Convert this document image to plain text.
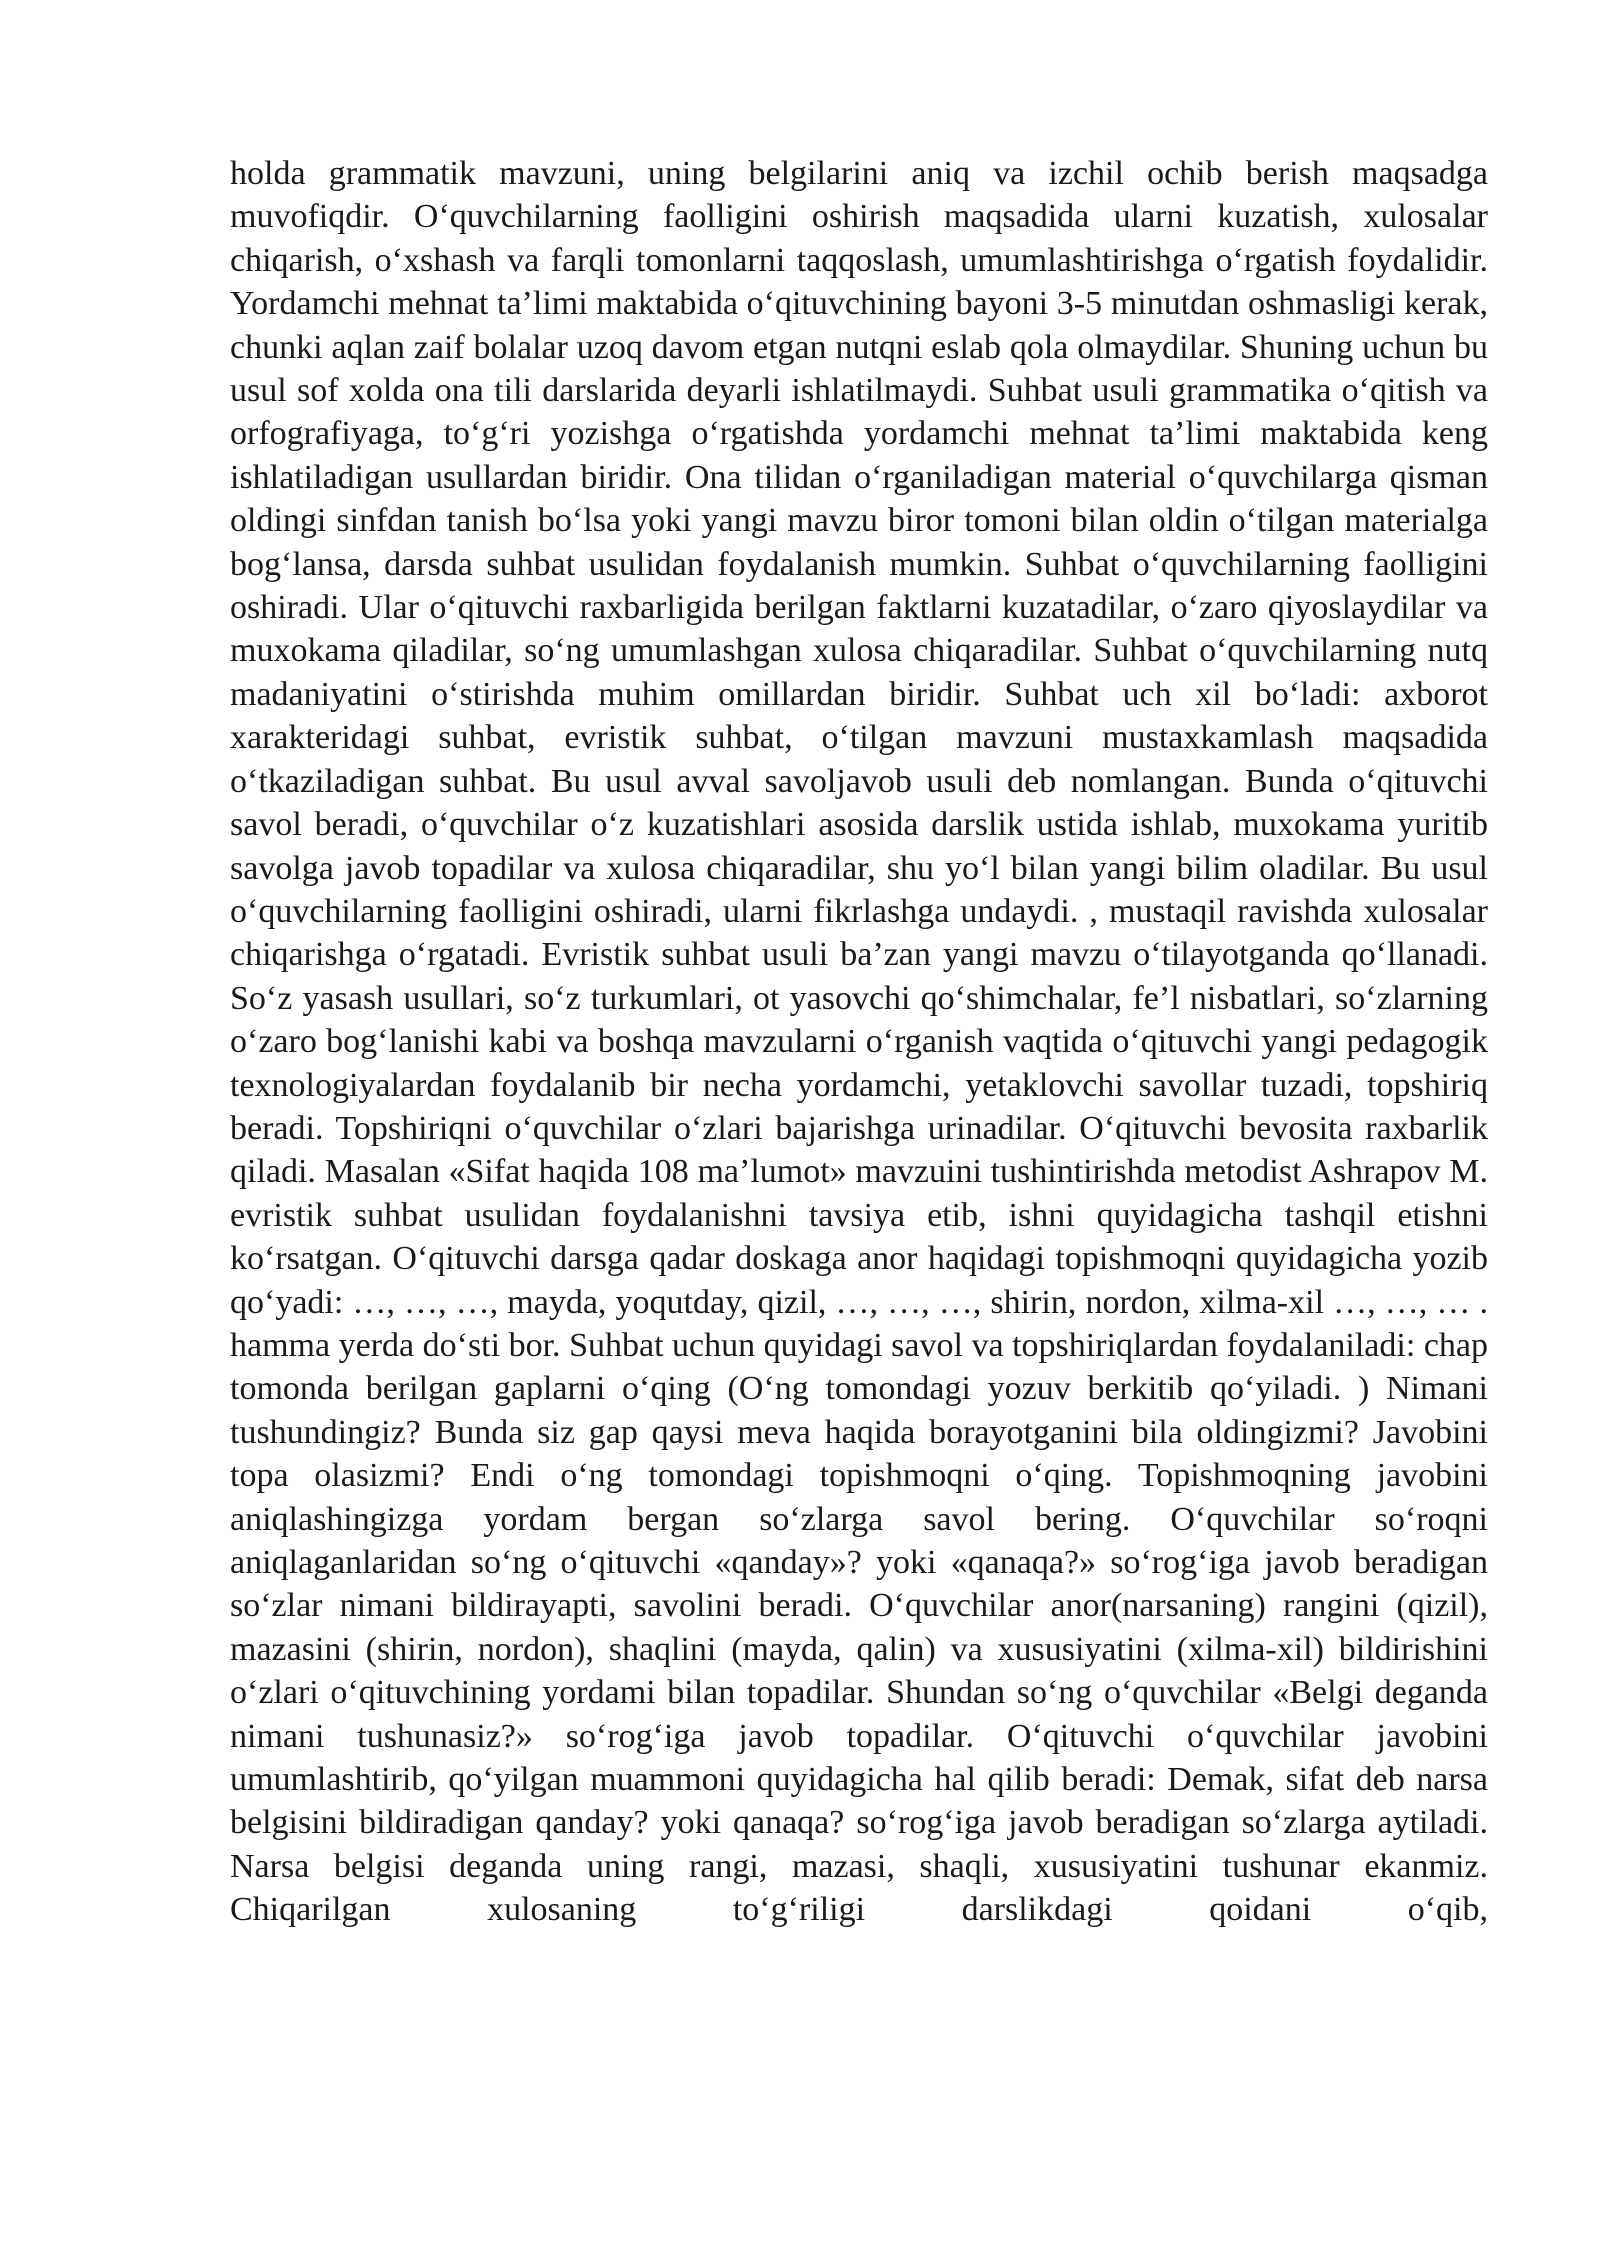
holda grammatik mavzuni, uning belgilarini aniq va izchil ochib berish maqsadga muvofiqdir. O‘quvchilarning faolligini oshirish maqsadida ularni kuzatish, xulosalar chiqarish, o‘xshash va farqli tomonlarni taqqoslash, umumlashtirishga o‘rgatish foydalidir. Yordamchi mehnat ta’limi maktabida o‘qituvchining bayoni 3-5 minutdan oshmasligi kerak, chunki aqlan zaif bolalar uzoq davom etgan nutqni eslab qola olmaydilar. Shuning uchun bu usul sof xolda ona tili darslarida deyarli ishlatilmaydi. Suhbat usuli grammatika o‘qitish va orfografiyaga, to‘g‘ri yozishga o‘rgatishda yordamchi mehnat ta’limi maktabida keng ishlatiladigan usullardan biridir. Ona tilidan o‘rganiladigan material o‘quvchilarga qisman oldingi sinfdan tanish bo‘lsa yoki yangi mavzu biror tomoni bilan oldin o‘tilgan materialga bog‘lansa, darsda suhbat usulidan foydalanish mumkin. Suhbat o‘quvchilarning faolligini oshiradi. Ular o‘qituvchi raxbarligida berilgan faktlarni kuzatadilar, o‘zaro qiyoslaydilar va muxokama qiladilar, so‘ng umumlashgan xulosa chiqaradilar. Suhbat o‘quvchilarning nutq madaniyatini o‘stirishda muhim omillardan biridir. Suhbat uch xil bo‘ladi: axborot xarakteridagi suhbat, evristik suhbat, o‘tilgan mavzuni mustaxkamlash maqsadida o‘tkaziladigan suhbat. Bu usul avval savoljavob usuli deb nomlangan. Bunda o‘qituvchi savol beradi, o‘quvchilar o‘z kuzatishlari asosida darslik ustida ishlab, muxokama yuritib savolga javob topadilar va xulosa chiqaradilar, shu yo‘l bilan yangi bilim oladilar. Bu usul o‘quvchilarning faolligini oshiradi, ularni fikrlashga undaydi. , mustaqil ravishda xulosalar chiqarishga o‘rgatadi. Evristik suhbat usuli ba’zan yangi mavzu o‘tilayotganda qo‘llanadi. So‘z yasash usullari, so‘z turkumlari, ot yasovchi qo‘shimchalar, fe’l nisbatlari, so‘zlarning o‘zaro bog‘lanishi kabi va boshqa mavzularni o‘rganish vaqtida o‘qituvchi yangi pedagogik texnologiyalardan foydalanib bir necha yordamchi, yetaklovchi savollar tuzadi, topshiriq beradi. Topshiriqni o‘quvchilar o‘zlari bajarishga urinadilar. O‘qituvchi bevosita raxbarlik qiladi. Masalan «Sifat haqida 108 ma’lumot» mavzuini tushintirishda metodist Ashrapov M. evristik suhbat usulidan foydalanishni tavsiya etib, ishni quyidagicha tashqil etishni ko‘rsatgan. O‘qituvchi darsga qadar doskaga anor haqidagi topishmoqni quyidagicha yozib qo‘yadi: …, …, …, mayda, yoqutday, qizil, …, …, …, shirin, nordon, xilma-xil …, …, … . hamma yerda do‘sti bor. Suhbat uchun quyidagi savol va topshiriqlardan foydalaniladi: chap tomonda berilgan gaplarni o‘qing (O‘ng tomondagi yozuv berkitib qo‘yiladi. ) Nimani tushundingiz? Bunda siz gap qaysi meva haqida borayotganini bila oldingizmi? Javobini topa olasizmi? Endi o‘ng tomondagi topishmoqni o‘qing. Topishmoqning javobini aniqlashingizga yordam bergan so‘zlarga savol bering. O‘quvchilar so‘roqni aniqlaganlaridan so‘ng o‘qituvchi «qanday»? yoki «qanaqa?» so‘rog‘iga javob beradigan so‘zlar nimani bildirayapti, savolini beradi. O‘quvchilar anor(narsaning) rangini (qizil), mazasini (shirin, nordon), shaqlini (mayda, qalin) va xususiyatini (xilma-xil) bildirishini o‘zlari o‘qituvchining yordami bilan topadilar. Shundan so‘ng o‘quvchilar «Belgi deganda nimani tushunasiz?» so‘rog‘iga javob topadilar. O‘qituvchi o‘quvchilar javobini umumlashtirib, qo‘yilgan muammoni quyidagicha hal qilib beradi: Demak, sifat deb narsa belgisini bildiradigan qanday? yoki qanaqa? so‘rog‘iga javob beradigan so‘zlarga aytiladi. Narsa belgisi deganda uning rangi, mazasi, shaqli, xususiyatini tushunar ekanmiz. Chiqarilgan xulosaning to‘g‘riligi darslikdagi qoidani o‘qib,
